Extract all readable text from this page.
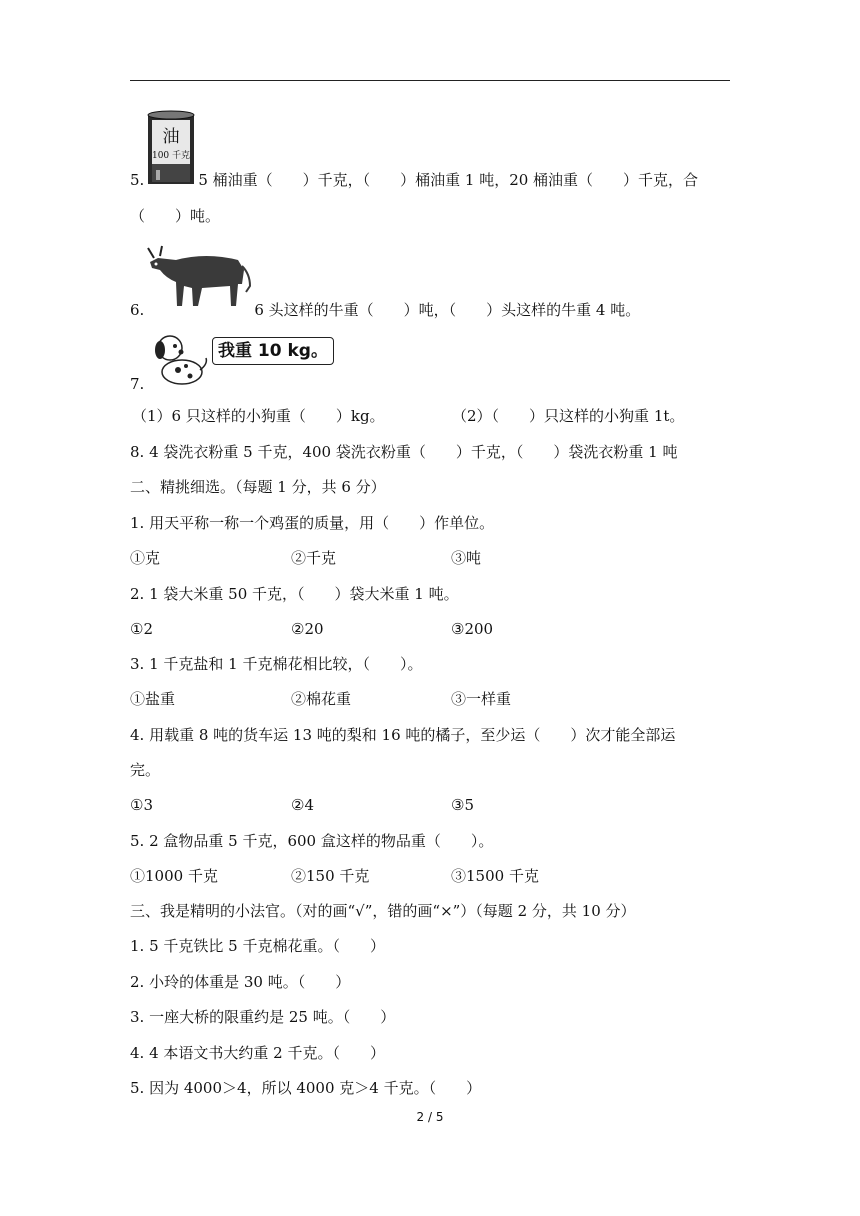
油
100 千克
5.	5 桶油重（　　）千克，（　　）桶油重 1 吨，20 桶油重（　　）千克，合
（　　）吨。
6.	6 头这样的牛重（　　）吨，（　　）头这样的牛重 4 吨。
我重 10 kg。
7.
（1）6 只这样的小狗重（　　）kg。	（2）（　　）只这样的小狗重 1t。
8. 4 袋洗衣粉重 5 千克，400 袋洗衣粉重（　　）千克，（　　）袋洗衣粉重 1 吨
二、精挑细选。（每题 1 分，共 6 分）
1. 用天平称一称一个鸡蛋的质量，用（　　）作单位。
①克	②千克	③吨
2. 1 袋大米重 50 千克，（　　）袋大米重 1 吨。
①2	②20	③200
3. 1 千克盐和 1 千克棉花相比较，（　　）。
①盐重	②棉花重	③一样重
4. 用载重 8 吨的货车运 13 吨的梨和 16 吨的橘子，至少运（　　）次才能全部运
完。
①3	②4	③5
5. 2 盒物品重 5 千克，600 盒这样的物品重（　　）。
①1000 千克	②150 千克	③1500 千克
三、我是精明的小法官。（对的画“√”，错的画“×”）（每题 2 分，共 10 分）
1. 5 千克铁比 5 千克棉花重。（　　）
2. 小玲的体重是 30 吨。（　　）
3. 一座大桥的限重约是 25 吨。（　　）
4. 4 本语文书大约重 2 千克。（　　）
5. 因为 4000＞4，所以 4000 克＞4 千克。（　　）
2 / 5
